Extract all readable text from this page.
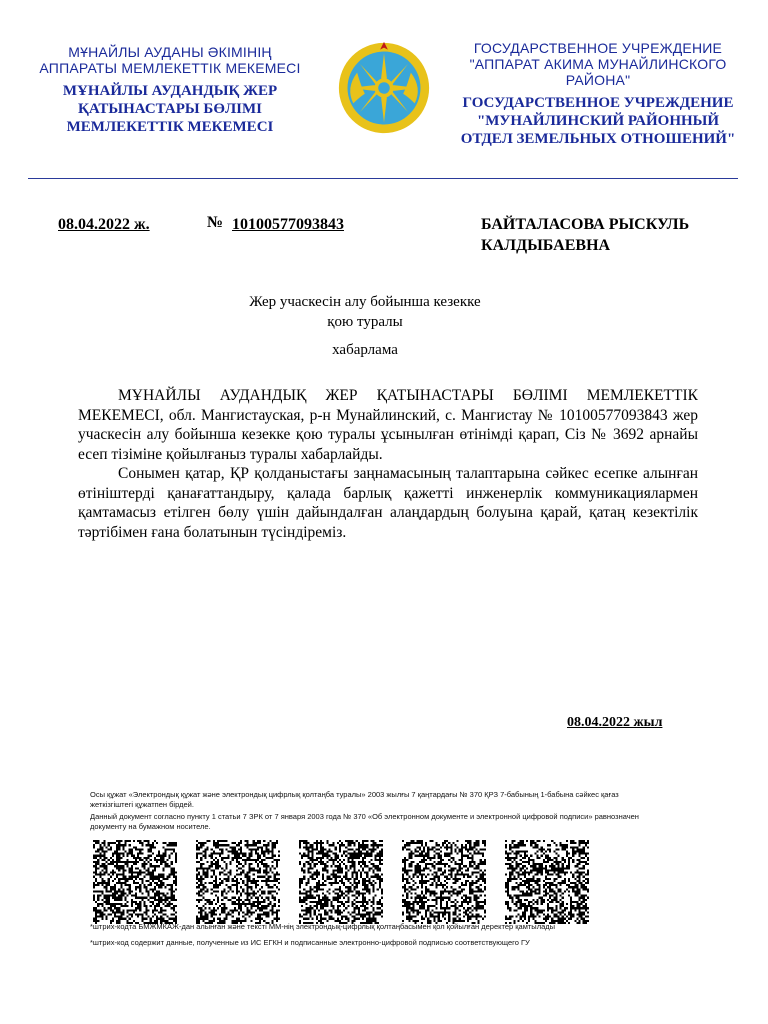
МҰНАЙЛЫ АУДАНЫ ӘКІМІНІҢ
АППАРАТЫ МЕМЛЕКЕТТІК МЕКЕМЕСІ
МҰНАЙЛЫ АУДАНДЫҚ ЖЕР
ҚАТЫНАСТАРЫ БӨЛІМІ
МЕМЛЕКЕТТІК МЕКЕМЕСІ
ГОСУДАРСТВЕННОЕ УЧРЕЖДЕНИЕ
"АППАРАТ АКИМА МУНАЙЛИНСКОГО
РАЙОНА"
ГОСУДАРСТВЕННОЕ УЧРЕЖДЕНИЕ
"МУНАЙЛИНСКИЙ РАЙОННЫЙ
ОТДЕЛ ЗЕМЕЛЬНЫХ ОТНОШЕНИЙ"
08.04.2022 ж.	№ 10100577093843	БАЙТАЛАСОВА РЫСКУЛЬ
КАЛДЫБАЕВНА
Жер учаскесін алу бойынша кезекке
қою туралы
хабарлама

МҰНАЙЛЫ АУДАНДЫҚ ЖЕР ҚАТЫНАСТАРЫ БӨЛІМІ МЕМЛЕКЕТТІК МЕКЕМЕСІ, обл. Мангистауская, р-н Мунайлинский, с. Мангистау № 10100577093843 жер учаскесін алу бойынша кезекке қою туралы ұсынылған өтінімді қарап, Сіз № 3692 арнайы есеп тізіміне қойылғаныз туралы хабарлайды.

Сонымен қатар, ҚР қолданыстағы заңнамасының талаптарына сәйкес есепке алынған өтініштерді қанағаттандыру, қалада барлық қажетті инженерлік коммуникациялармен қамтамасыз етілген бөлу үшін дайындалған алаңдардың болуына қарай, қатаң кезектілік тәртібімен ғана болатынын түсіндіреміз.

08.04.2022 жыл
Осы құжат «Электрондық құжат және электрондық цифрлық қолтаңба туралы» 2003 жылғы 7 қаңтардағы № 370 ҚРЗ 7-бабының 1-бабына сәйкес қағаз жеткізгіштегі құжатпен бірдей.
Данный документ согласно пункту 1 статьи 7 ЗРК от 7 января 2003 года № 370 «Об электронном документе и электронной цифровой подписи» равнозначен документу на бумажном носителе.
*штрих-кодта БМЖМКАЖ-дан алынған және тексті ММ-нің электрондық-цифрлық қолтаңбасымен қол қойылған деректер қамтылады
*штрих-код содержит данные, полученные из ИС ЕГКН и подписанные электронно-цифровой подписью соответствующего ГУ
